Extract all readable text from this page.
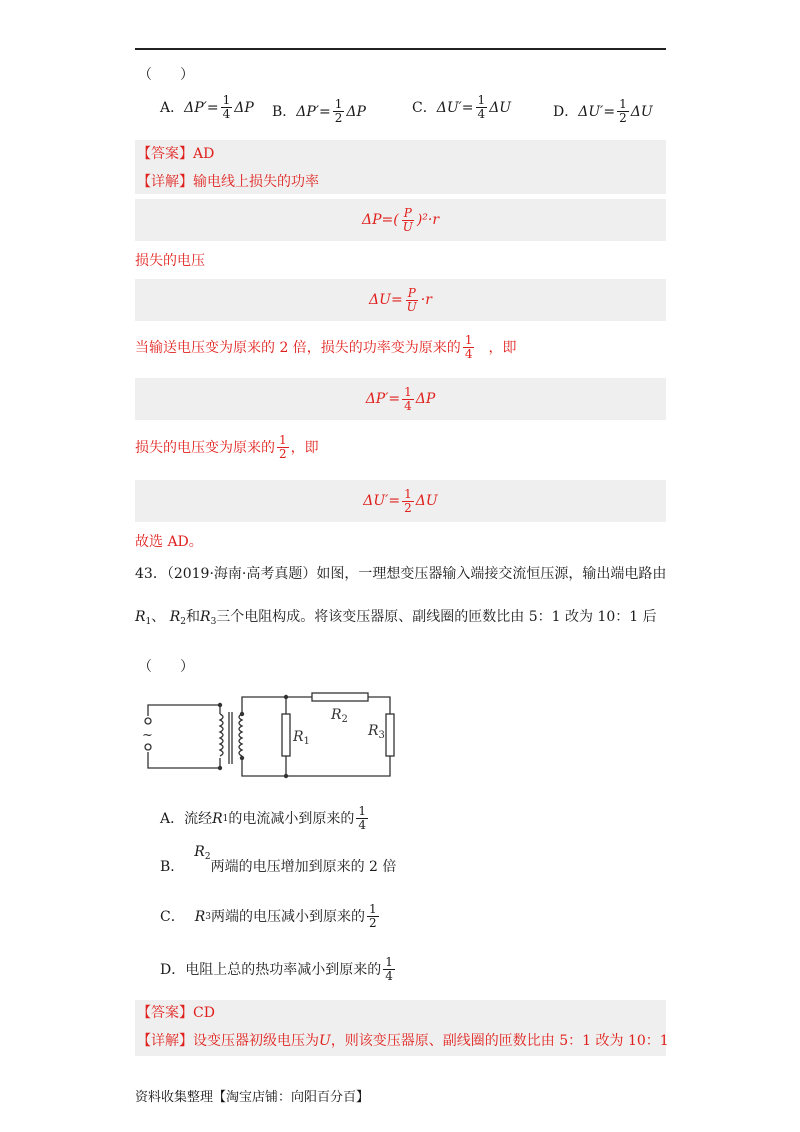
（　　）
A． $\Delta P'= \frac{1}{4}$ ΔP B． $\Delta P'= \frac{1}{2}$ ΔP	C． $\Delta U'= \frac{1}{4}$ ΔU	D． $\Delta U'= \frac{1}{2}$ ΔU
【答案】AD
【详解】输电线上损失的功率
$\Delta P=( \frac{P}{U} )^2\cdot r$
损失的电压
$\Delta U= \frac{P}{U} \cdot r$
当输送电压变为原来的 2 倍，损失的功率变为原来的 $\frac{1}{4}$ ，即
$\Delta P'= \frac{1}{4}$ ΔP
损失的电压变为原来的 $\frac{1}{2}$ ，即
$\Delta U'= \frac{1}{2}$ ΔU
故选 AD。
43．（2019·海南·高考真题）如图，一理想变压器输入端接交流恒压源，输出端电路由
$R_1$、 $R_2$和$R_3$三个电阻构成。将该变压器原、副线圈的匝数比由 5：1 改为 10：1 后
（　　）
~	$R_1$
$R_2$
$R_3$
A． 流经 R 1 的电流减小到原来的 $\frac{1}{4}$
B．
$R_2$
两端的电压增加到原来的 2 倍
C． R 3 两端的电压减小到原来的 $\frac{1}{2}$
D． 电阻上总的热功率减小到原来的 $\frac{1}{4}$
【答案】CD
【详解】设变压器初级电压为U，则该变压器原、副线圈的匝数比由 5：1 改为 10：1
资料收集整理【淘宝店铺：向阳百分百】
